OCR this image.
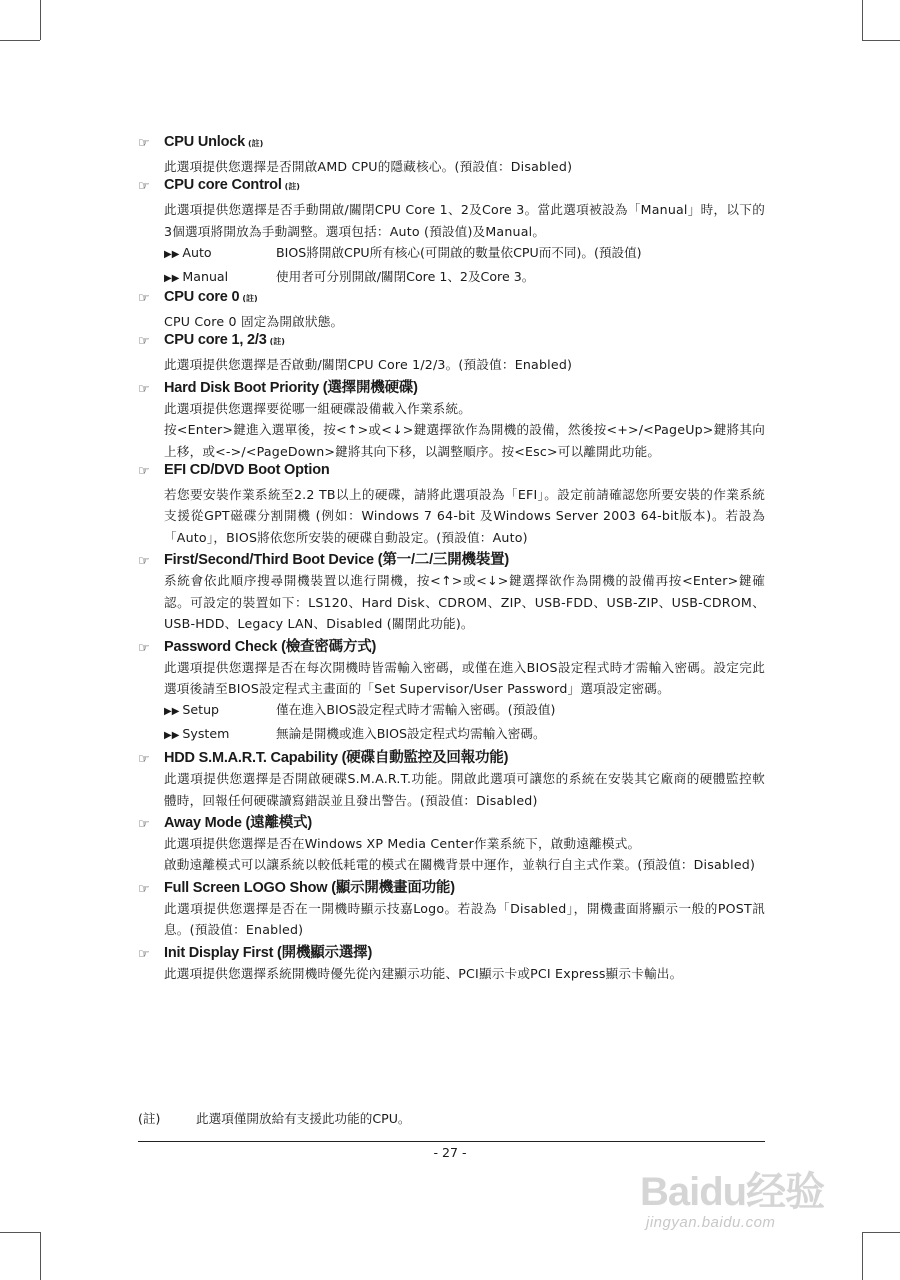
☞ CPU Unlock (註)
此選項提供您選擇是否開啟AMD CPU的隱藏核心。(預設值：Disabled)
☞ CPU core Control (註)
此選項提供您選擇是否手動開啟/關閉CPU Core 1、2及Core 3。當此選項被設為「Manual」時，以下的3個選項將開放為手動調整。選項包括：Auto (預設值)及Manual。
▶▶ Auto	BIOS將開啟CPU所有核心(可開啟的數量依CPU而不同)。(預設值)
▶▶ Manual	使用者可分別開啟/關閉Core 1、2及Core 3。
☞ CPU core 0 (註)
CPU Core 0 固定為開啟狀態。
☞ CPU core 1, 2/3 (註)
此選項提供您選擇是否啟動/關閉CPU Core 1/2/3。(預設值：Enabled)
☞ Hard Disk Boot Priority (選擇開機硬碟)
此選項提供您選擇要從哪一組硬碟設備載入作業系統。
按<Enter>鍵進入選單後，按<↑>或<↓>鍵選擇欲作為開機的設備，然後按<+>/<PageUp>鍵將其向上移，或<->/<PageDown>鍵將其向下移，以調整順序。按<Esc>可以離開此功能。
☞ EFI CD/DVD Boot Option
若您要安裝作業系統至2.2 TB以上的硬碟，請將此選項設為「EFI」。設定前請確認您所要安裝的作業系統支援從GPT磁碟分割開機 (例如：Windows 7 64-bit 及Windows Server 2003 64-bit版本)。若設為「Auto」，BIOS將依您所安裝的硬碟自動設定。(預設值：Auto)
☞ First/Second/Third Boot Device (第一/二/三開機裝置)
系統會依此順序搜尋開機裝置以進行開機，按<↑>或<↓>鍵選擇欲作為開機的設備再按<Enter>鍵確認。可設定的裝置如下：LS120、Hard Disk、CDROM、ZIP、USB-FDD、USB-ZIP、USB-CDROM、USB-HDD、Legacy LAN、Disabled (關閉此功能)。
☞ Password Check (檢查密碼方式)
此選項提供您選擇是否在每次開機時皆需輸入密碼，或僅在進入BIOS設定程式時才需輸入密碼。設定完此選項後請至BIOS設定程式主畫面的「Set Supervisor/User Password」選項設定密碼。
▶▶ Setup	僅在進入BIOS設定程式時才需輸入密碼。(預設值)
▶▶ System	無論是開機或進入BIOS設定程式均需輸入密碼。
☞ HDD S.M.A.R.T. Capability (硬碟自動監控及回報功能)
此選項提供您選擇是否開啟硬碟S.M.A.R.T.功能。開啟此選項可讓您的系統在安裝其它廠商的硬體監控軟體時，回報任何硬碟讀寫錯誤並且發出警告。(預設值：Disabled)
☞ Away Mode (遠離模式)
此選項提供您選擇是否在Windows XP Media Center作業系統下，啟動遠離模式。
啟動遠離模式可以讓系統以較低耗電的模式在關機背景中運作，並執行自主式作業。(預設值：Disabled)
☞ Full Screen LOGO Show (顯示開機畫面功能)
此選項提供您選擇是否在一開機時顯示技嘉Logo。若設為「Disabled」，開機畫面將顯示一般的POST訊息。(預設值：Enabled)
☞ Init Display First (開機顯示選擇)
此選項提供您選擇系統開機時優先從內建顯示功能、PCI顯示卡或PCI Express顯示卡輸出。
(註)	此選項僅開放給有支援此功能的CPU。
- 27 -
Baidu经验
jingyan.baidu.com
